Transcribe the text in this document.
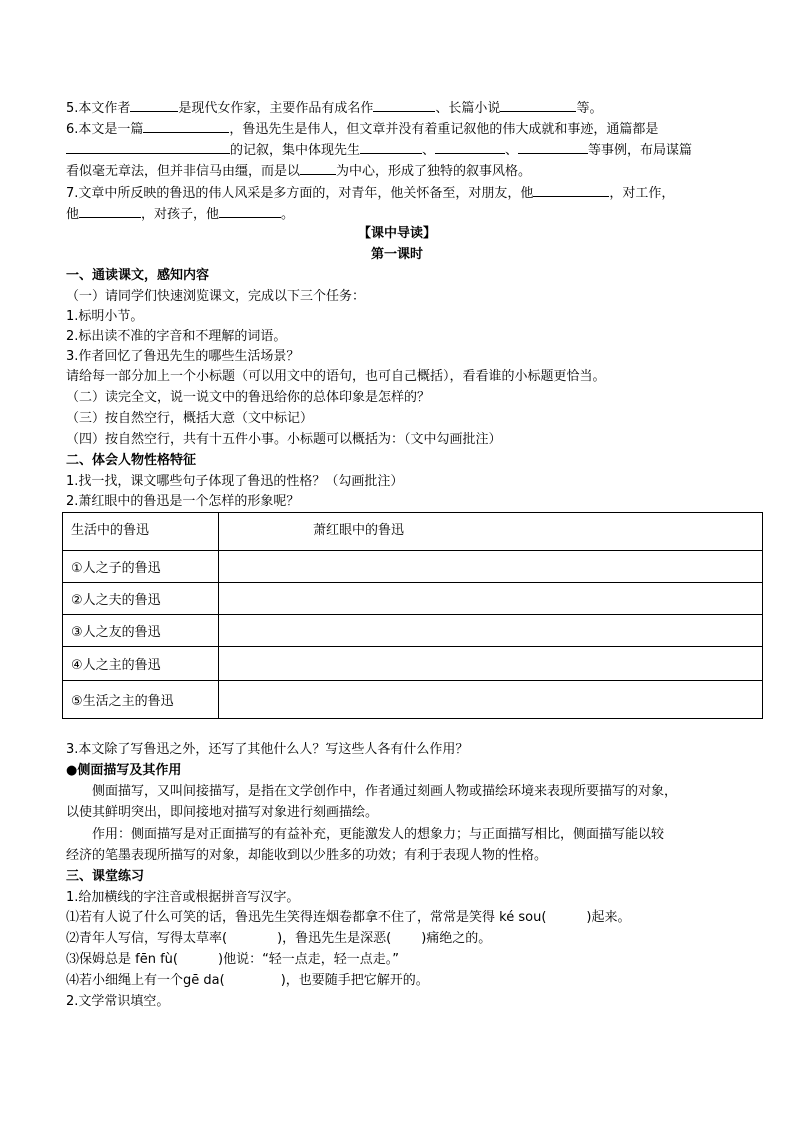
5.本文作者	是现代女作家，主要作品有成名作	、长篇小说	等。
6.本文是一篇	，鲁迅先生是伟人，但文章并没有着重记叙他的伟大成就和事迹，通篇都是
的记叙，集中体现先生	、	、	等事例，布局谋篇
看似毫无章法，但并非信马由缰，而是以	为中心，形成了独特的叙事风格。
7.文章中所反映的鲁迅的伟人风采是多方面的，对青年，他关怀备至，对朋友，他	，对工作，
他	，对孩子，他	。
【课中导读】
第一课时
一、通读课文，感知内容
（一）请同学们快速浏览课文，完成以下三个任务：
1.标明小节。
2.标出读不准的字音和不理解的词语。
3.作者回忆了鲁迅先生的哪些生活场景？
请给每一部分加上一个小标题（可以用文中的语句，也可自己概括），看看谁的小标题更恰当。
（二）读完全文，说一说文中的鲁迅给你的总体印象是怎样的？
（三）按自然空行，概括大意（文中标记）
（四）按自然空行，共有十五件小事。小标题可以概括为：（文中勾画批注）
二、体会人物性格特征
1.找一找，课文哪些句子体现了鲁迅的性格？（勾画批注）
2.萧红眼中的鲁迅是一个怎样的形象呢？
生活中的鲁迅	萧红眼中的鲁迅
①人之子的鲁迅	
②人之夫的鲁迅	
③人之友的鲁迅	
④人之主的鲁迅	
⑤生活之主的鲁迅	
3.本文除了写鲁迅之外，还写了其他什么人？写这些人各有什么作用？
●侧面描写及其作用
侧面描写，又叫间接描写，是指在文学创作中，作者通过刻画人物或描绘环境来表现所要描写的对象，
以使其鲜明突出，即间接地对描写对象进行刻画描绘。
作用：侧面描写是对正面描写的有益补充，更能激发人的想象力；与正面描写相比，侧面描写能以较
经济的笔墨表现所描写的对象，却能收到以少胜多的功效；有利于表现人物的性格。
三、课堂练习
1.给加横线的字注音或根据拼音写汉字。
⑴若有人说了什么可笑的话，鲁迅先生笑得连烟卷都拿不住了，常常是笑得 ké sou(	)起来。
⑵青年人写信，写得太草率(	)，鲁迅先生是深恶( )痛绝之的。
⑶保姆总是 fēn fù(	)他说：“轻一点走，轻一点走。”
⑷若小细绳上有一个gē da(	)，也要随手把它解开的。
2.文学常识填空。
